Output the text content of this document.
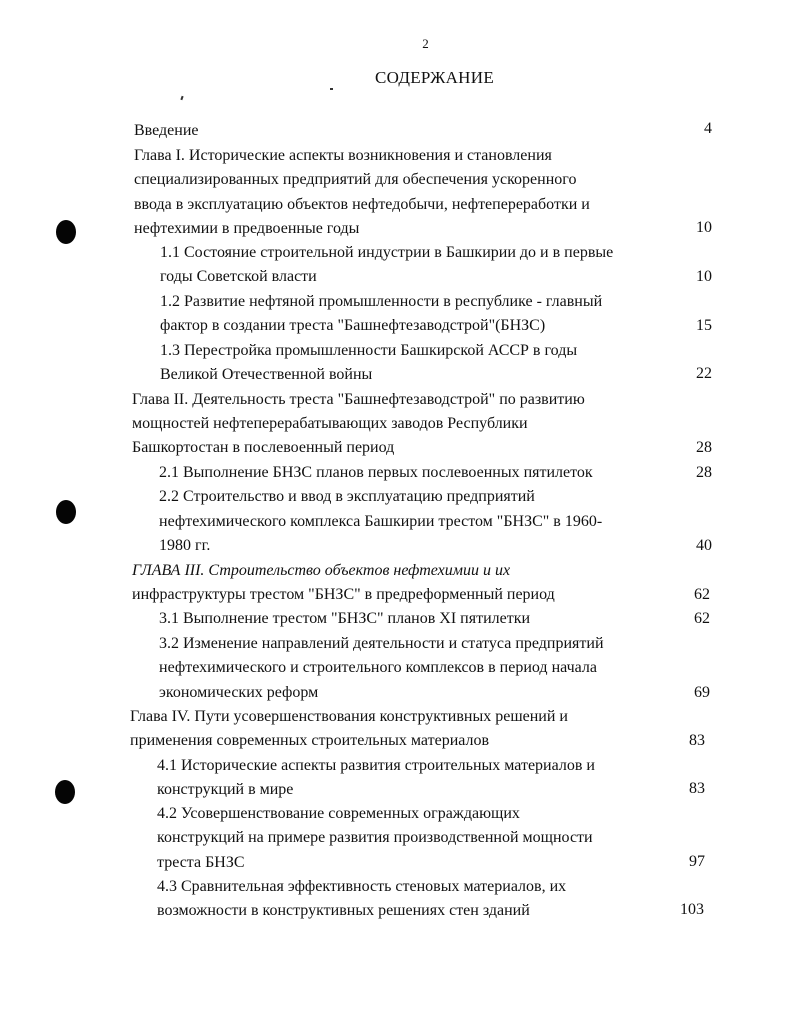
2
СОДЕРЖАНИЕ
Введение	4
Глава I. Исторические аспекты возникновения и становления
специализированных предприятий для обеспечения ускоренного
ввода в эксплуатацию объектов нефтедобычи, нефтепереработки и
нефтехимии в предвоенные годы	10
1.1 Состояние строительной индустрии в Башкирии до и в первые
годы Советской власти	10
1.2 Развитие нефтяной промышленности в республике - главный
фактор в создании треста "Башнефтезаводстрой"(БНЗС)	15
1.3 Перестройка промышленности Башкирской АССР в годы
Великой Отечественной войны	22
Глава II. Деятельность треста "Башнефтезаводстрой" по развитию
мощностей нефтеперерабатывающих заводов Республики
Башкортостан в послевоенный период	28
2.1 Выполнение БНЗС планов первых послевоенных пятилеток	28
2.2 Строительство и ввод в эксплуатацию предприятий
нефтехимического комплекса Башкирии трестом "БНЗС" в 1960-
1980 гг.	40
ГЛАВА III. Строительство объектов нефтехимии и их
инфраструктуры трестом "БНЗС" в предреформенный период	62
3.1 Выполнение трестом "БНЗС" планов XI пятилетки	62
3.2 Изменение направлений деятельности и статуса предприятий
нефтехимического и строительного комплексов в период начала
экономических реформ	69
Глава IV. Пути усовершенствования конструктивных решений и
применения современных строительных материалов	83
4.1 Исторические аспекты развития строительных материалов и
конструкций в мире	83
4.2 Усовершенствование современных ограждающих
конструкций на примере развития производственной мощности
треста БНЗС	97
4.3 Сравнительная эффективность стеновых материалов, их
возможности в конструктивных решениях стен зданий	103
